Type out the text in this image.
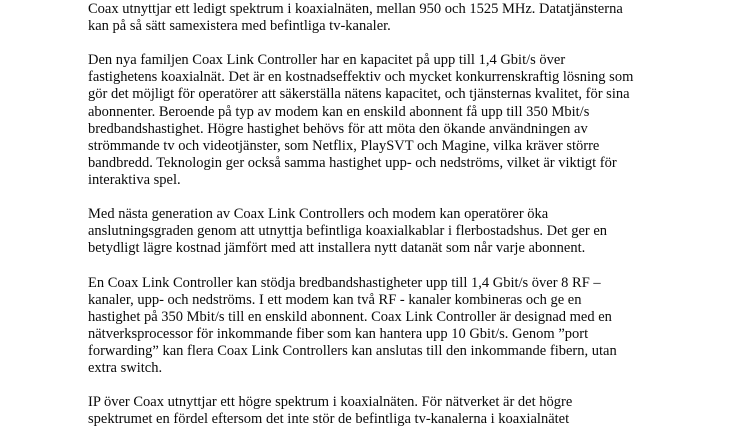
Coax utnyttjar ett ledigt spektrum i koaxialnäten, mellan 950 och 1525 MHz. Datatjänsterna
kan på så sätt samexistera med befintliga tv-kanaler.

Den nya familjen Coax Link Controller har en kapacitet på upp till 1,4 Gbit/s över
fastighetens koaxialnät. Det är en kostnadseffektiv och mycket konkurrenskraftig lösning som
gör det möjligt för operatörer att säkerställa nätens kapacitet, och tjänsternas kvalitet, för sina
abonnenter. Beroende på typ av modem kan en enskild abonnent få upp till 350 Mbit/s
bredbandshastighet. Högre hastighet behövs för att möta den ökande användningen av
strömmande tv och videotjänster, som Netflix, PlaySVT och Magine, vilka kräver större
bandbredd. Teknologin ger också samma hastighet upp- och nedströms, vilket är viktigt för
interaktiva spel.

Med nästa generation av Coax Link Controllers och modem kan operatörer öka
anslutningsgraden genom att utnyttja befintliga koaxialkablar i flerbostadshus. Det ger en
betydligt lägre kostnad jämfört med att installera nytt datanät som når varje abonnent.

En Coax Link Controller kan stödja bredbandshastigheter upp till 1,4 Gbit/s över 8 RF –
kanaler, upp- och nedströms. I ett modem kan två RF - kanaler kombineras och ge en
hastighet på 350 Mbit/s till en enskild abonnent. Coax Link Controller är designad med en
nätverksprocessor för inkommande fiber som kan hantera upp 10 Gbit/s. Genom ”port
forwarding” kan flera Coax Link Controllers kan anslutas till den inkommande fibern, utan
extra switch.

IP över Coax utnyttjar ett högre spektrum i koaxialnäten. För nätverket är det högre
spektrumet en fördel eftersom det inte stör de befintliga tv-kanalerna i koaxialnätet
